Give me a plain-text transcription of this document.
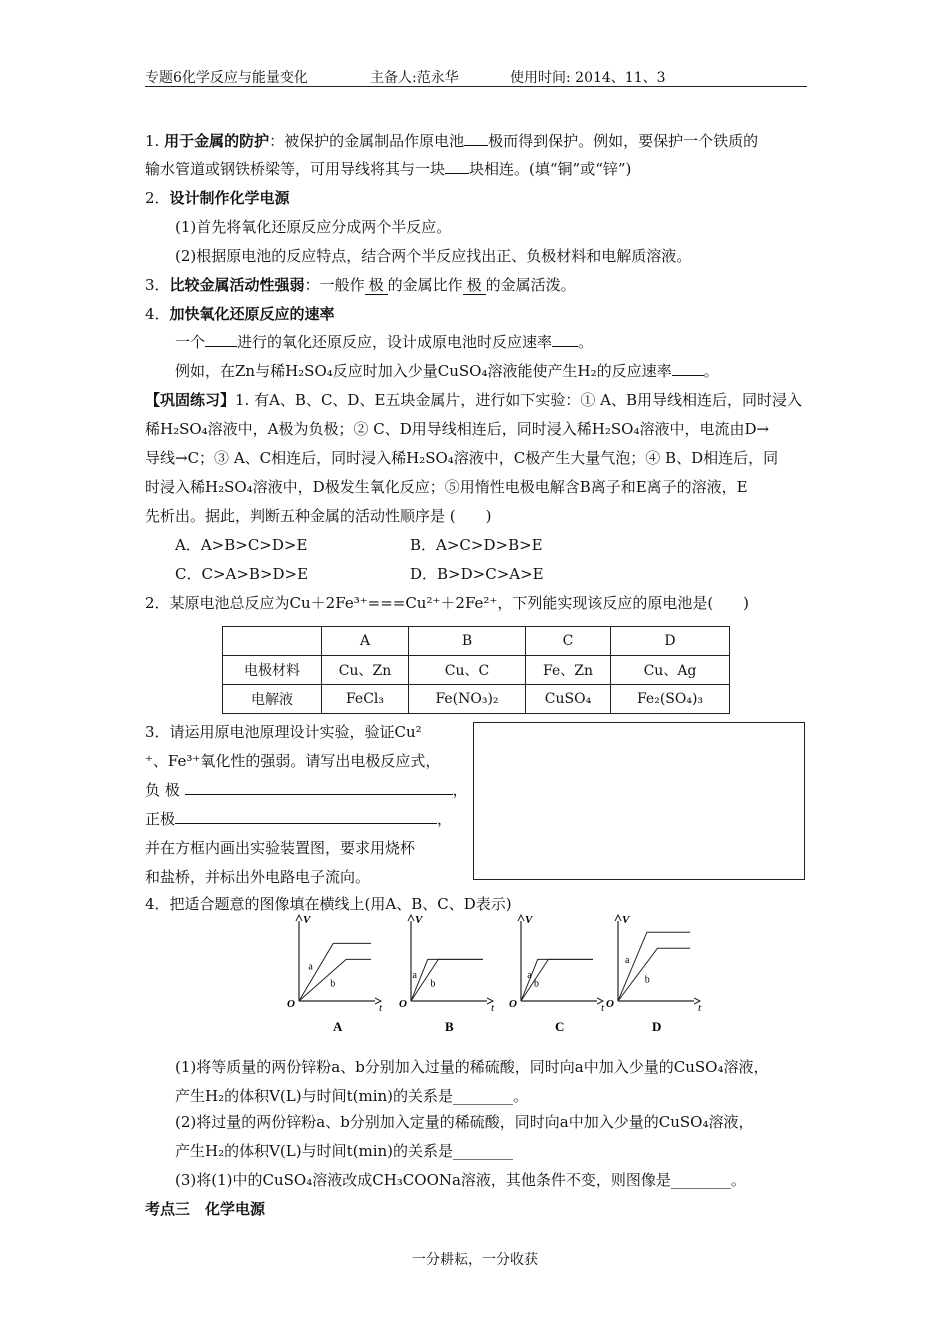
专题6化学反应与能量变化	主备人:范永华	使用时间: 2014、11、3
1. 用于金属的防护：被保护的金属制品作原电池 极而得到保护。例如，要保护一个铁质的
输水管道或钢铁桥梁等，可用导线将其与一块 块相连。(填“铜”或“锌”)
2．设计制作化学电源
(1)首先将氧化还原反应分成两个半反应。
(2)根据原电池的反应特点，结合两个半反应找出正、负极材料和电解质溶液。
3．比较金属活动性强弱：一般作 极 的金属比作 极 的金属活泼。
4．加快氧化还原反应的速率
一个 进行的氧化还原反应，设计成原电池时反应速率 。
例如，在Zn与稀H₂SO₄反应时加入少量CuSO₄溶液能使产生H₂的反应速率 。
【巩固练习】1. 有A、B、C、D、E五块金属片，进行如下实验：① A、B用导线相连后，同时浸入
稀H₂SO₄溶液中，A极为负极；② C、D用导线相连后，同时浸入稀H₂SO₄溶液中，电流由D→
导线→C；③ A、C相连后，同时浸入稀H₂SO₄溶液中，C极产生大量气泡；④ B、D相连后，同
时浸入稀H₂SO₄溶液中，D极发生氧化反应；⑤用惰性电极电解含B离子和E离子的溶液，E
先析出。据此，判断五种金属的活动性顺序是 (　　)
A．A>B>C>D>E	B．A>C>D>B>E
C．C>A>B>D>E	D．B>D>C>A>E
2．某原电池总反应为Cu＋2Fe³⁺===Cu²⁺＋2Fe²⁺，下列能实现该反应的原电池是(　　)
	A	B	C	D
电极材料	Cu、Zn	Cu、C	Fe、Zn	Cu、Ag
电解液	FeCl₃	Fe(NO₃)₂	CuSO₄	Fe₂(SO₄)₃
3．请运用原电池原理设计实验，验证Cu²
⁺、Fe³⁺氧化性的强弱。请写出电极反应式，
负 极	，
正极	，
并在方框内画出实验装置图，要求用烧杯
和盐桥，并标出外电路电子流向。
4．把适合题意的图像填在横线上(用A、B、C、D表示)
V
t
O
a
b
A
V
t
O
a
b
B
V
t
O
a
b
C
V
t
O
a
b
D
(1)将等质量的两份锌粉a、b分别加入过量的稀硫酸，同时向a中加入少量的CuSO₄溶液，
产生H₂的体积V(L)与时间t(min)的关系是________。
(2)将过量的两份锌粉a、b分别加入定量的稀硫酸，同时向a中加入少量的CuSO₄溶液，
产生H₂的体积V(L)与时间t(min)的关系是________
(3)将(1)中的CuSO₄溶液改成CH₃COONa溶液，其他条件不变，则图像是________。
考点三　化学电源
一分耕耘，一分收获
